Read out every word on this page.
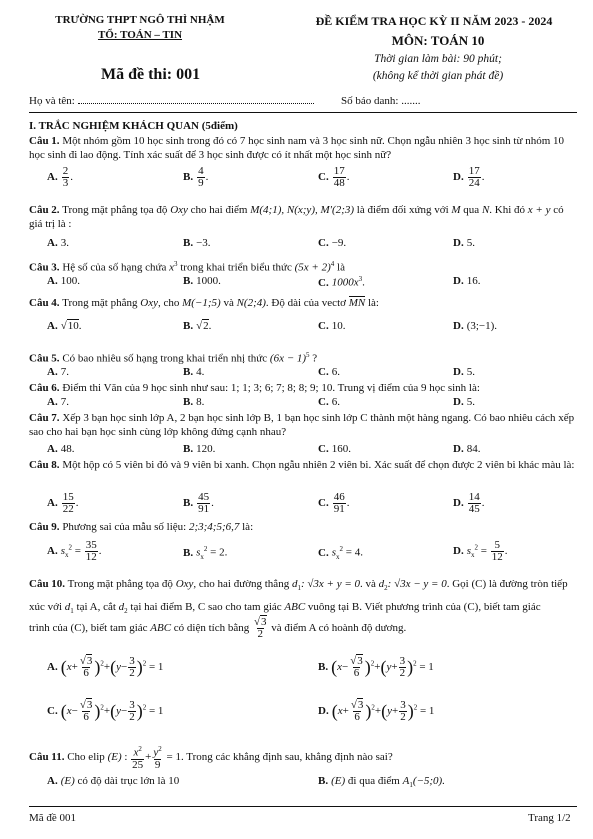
TRƯỜNG THPT NGÔ THÌ NHẬM
TỔ: TOÁN – TIN
Mã đề thi: 001
ĐỀ KIỂM TRA HỌC KỲ II NĂM 2023 - 2024
MÔN: TOÁN 10
Thời gian làm bài: 90 phút;
(không kể thời gian phát đề)
Họ và tên:	Số báo danh: .......
I. TRẮC NGHIỆM KHÁCH QUAN (5điểm)
Câu 1. Một nhóm gồm 10 học sinh trong đó có 7 học sinh nam và 3 học sinh nữ. Chọn ngẫu nhiên 3 học sinh từ nhóm 10 học sinh đi lao động. Tính xác suất để 3 học sinh được có ít nhất một học sinh nữ?
A. $\frac{2}{3}$ .	B. $\frac{4}{9}$ .	C. $\frac{17}{48}$ .	D. $\frac{17}{24}$ .
Câu 2. Trong mặt phẳng tọa độ Oxy cho hai điểm M(4;1), N(x;y), M′(2;3) là điểm đối xứng với M qua N. Khi đó x + y có giá trị là :
A. 3.	B. −3.	C. −9.	D. 5.
Câu 3. Hệ số của số hạng chứa $x^3$ trong khai triển biểu thức $(5x + 2)^4$ là
A. 100.	B. 1000.	C. $1000x^3$.	D. 16.
Câu 4. Trong mặt phẳng Oxy, cho M(−1;5) và N(2;4). Độ dài của vectơ MN là:
A. √10.	B. √2.	C. 10.	D. (3;−1).
Câu 5. Có bao nhiêu số hạng trong khai triển nhị thức $(6x - 1)^5$ ?
A. 7.	B. 4.	C. 6.	D. 5.
Câu 6. Điểm thi Văn của 9 học sinh như sau: 1; 1; 3; 6; 7; 8; 8; 9; 10. Trung vị điểm của 9 học sinh là:
A. 7.	B. 8.	C. 6.	D. 5.
Câu 7. Xếp 3 bạn học sinh lớp A, 2 bạn học sinh lớp B, 1 bạn học sinh lớp C thành một hàng ngang. Có bao nhiêu cách xếp sao cho hai bạn học sinh cùng lớp không đứng cạnh nhau?
A. 48.	B. 120.	C. 160.	D. 84.
Câu 8. Một hộp có 5 viên bi đỏ và 9 viên bi xanh. Chọn ngẫu nhiên 2 viên bi. Xác suất để chọn được 2 viên bi khác màu là:
A. $\frac{15}{22}$ .	B. $\frac{45}{91}$ .	C. $\frac{46}{91}$ .	D. $\frac{14}{45}$ .
Câu 9. Phương sai của mẫu số liệu: 2;3;4;5;6,7 là:
A. $s_x^2 = \frac{35}{12}$ .	B. $s_x^2 = 2$.	C. $s_x^2 = 4$.	D. $s_x^2 = \frac{5}{12}$ .
Câu 10. Trong mặt phẳng tọa độ Oxy, cho hai đường thẳng $d_1$: √3x + y = 0. và $d_2$: √3x − y = 0. Gọi (C) là đường tròn tiếp xúc với $d_1$ tại A, cắt $d_2$ tại hai điểm B, C sao cho tam giác ABC vuông tại B. Viết phương trình của (C), biết tam giác
trình của (C), biết tam giác ABC có diện tích bằng $\frac{√3}{2}$ và điểm A có hoành độ dương.
A. $(x+ \frac{√3}{6} )^2+(y- \frac{3}{2} )^2 = 1$	B. $(x- \frac{√3}{6} )^2+(y+ \frac{3}{2} )^2 = 1$
C. $(x- \frac{√3}{6} )^2+(y- \frac{3}{2} )^2 = 1$	D. $(x+ \frac{√3}{6} )^2+(y+ \frac{3}{2} )^2 = 1$
Câu 11. Cho elip (E) : $\frac{x^2}{25} + \frac{y^2}{9} = 1$. Trong các khẳng định sau, khẳng định nào sai?
A. (E) có độ dài trục lớn là 10	B. (E) đi qua điểm $A_1(-5;0)$.
Mã đề 001	Trang 1/2
